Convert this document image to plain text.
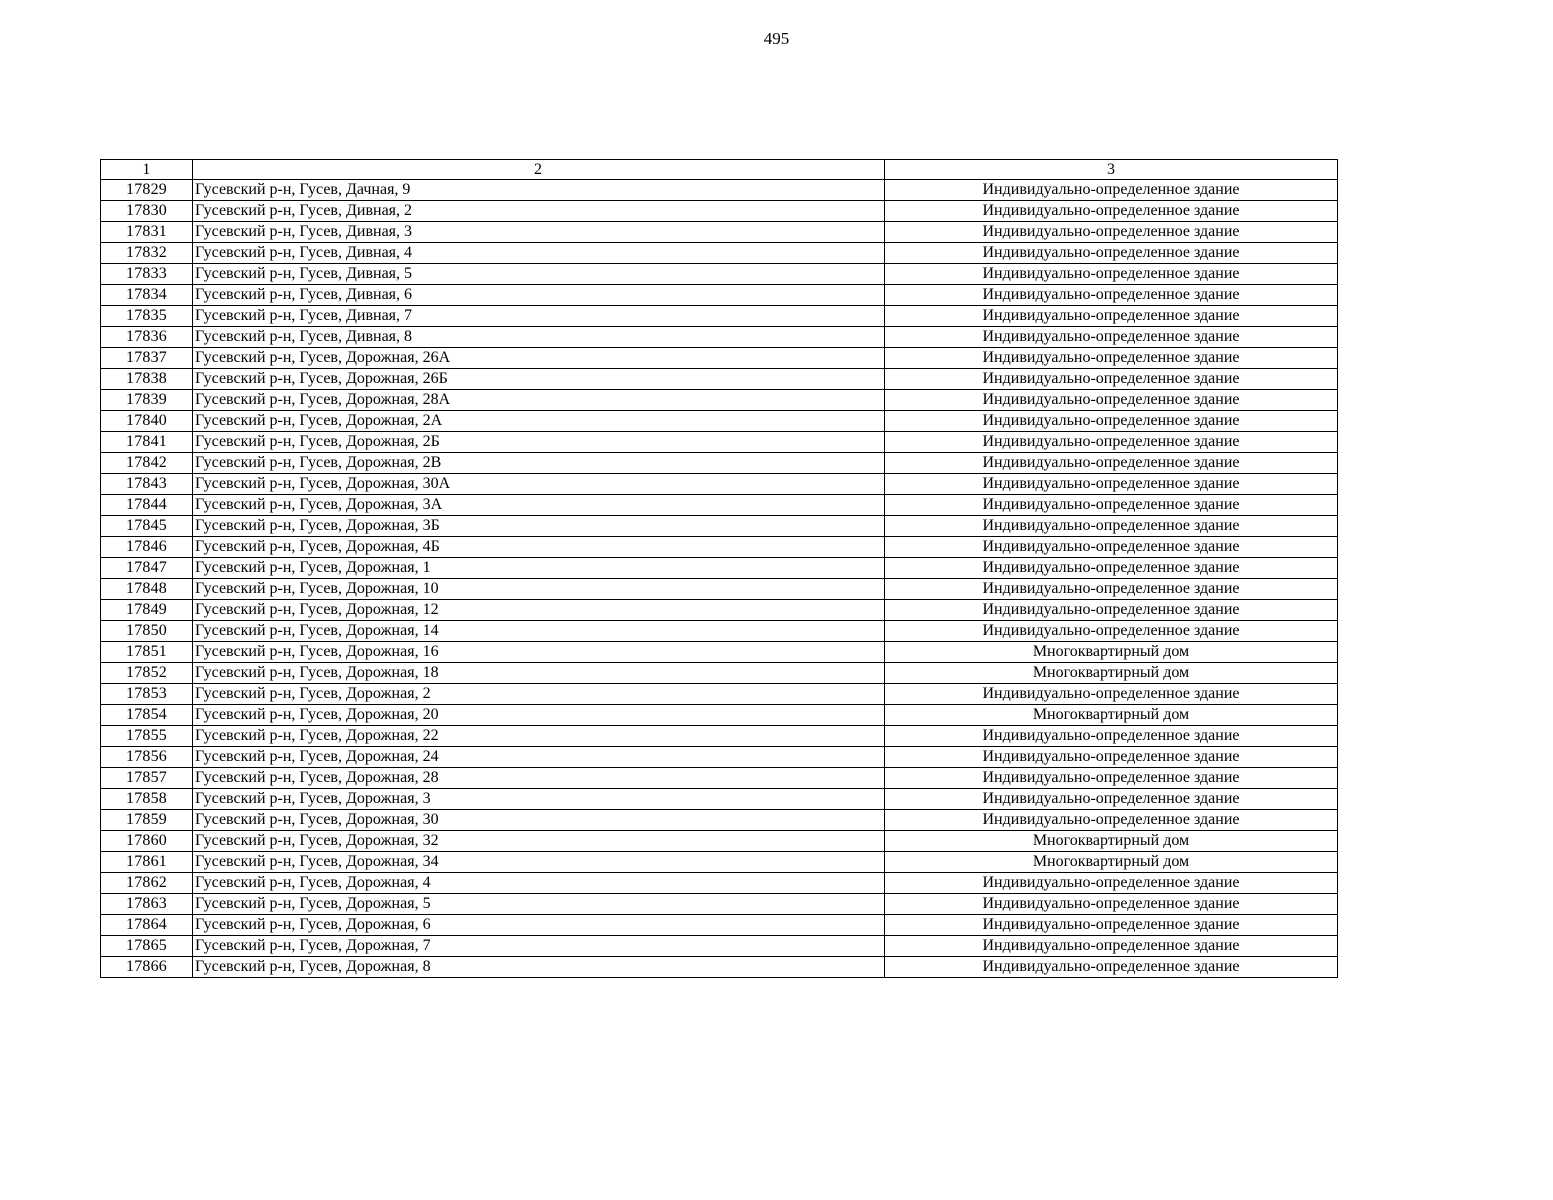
495
1	2	3
17829	Гусевский р-н, Гусев, Дачная, 9	Индивидуально-определенное здание
17830	Гусевский р-н, Гусев, Дивная, 2	Индивидуально-определенное здание
17831	Гусевский р-н, Гусев, Дивная, 3	Индивидуально-определенное здание
17832	Гусевский р-н, Гусев, Дивная, 4	Индивидуально-определенное здание
17833	Гусевский р-н, Гусев, Дивная, 5	Индивидуально-определенное здание
17834	Гусевский р-н, Гусев, Дивная, 6	Индивидуально-определенное здание
17835	Гусевский р-н, Гусев, Дивная, 7	Индивидуально-определенное здание
17836	Гусевский р-н, Гусев, Дивная, 8	Индивидуально-определенное здание
17837	Гусевский р-н, Гусев, Дорожная, 26А	Индивидуально-определенное здание
17838	Гусевский р-н, Гусев, Дорожная, 26Б	Индивидуально-определенное здание
17839	Гусевский р-н, Гусев, Дорожная, 28А	Индивидуально-определенное здание
17840	Гусевский р-н, Гусев, Дорожная, 2А	Индивидуально-определенное здание
17841	Гусевский р-н, Гусев, Дорожная, 2Б	Индивидуально-определенное здание
17842	Гусевский р-н, Гусев, Дорожная, 2В	Индивидуально-определенное здание
17843	Гусевский р-н, Гусев, Дорожная, 30А	Индивидуально-определенное здание
17844	Гусевский р-н, Гусев, Дорожная, 3А	Индивидуально-определенное здание
17845	Гусевский р-н, Гусев, Дорожная, 3Б	Индивидуально-определенное здание
17846	Гусевский р-н, Гусев, Дорожная, 4Б	Индивидуально-определенное здание
17847	Гусевский р-н, Гусев, Дорожная, 1	Индивидуально-определенное здание
17848	Гусевский р-н, Гусев, Дорожная, 10	Индивидуально-определенное здание
17849	Гусевский р-н, Гусев, Дорожная, 12	Индивидуально-определенное здание
17850	Гусевский р-н, Гусев, Дорожная, 14	Индивидуально-определенное здание
17851	Гусевский р-н, Гусев, Дорожная, 16	Многоквартирный дом
17852	Гусевский р-н, Гусев, Дорожная, 18	Многоквартирный дом
17853	Гусевский р-н, Гусев, Дорожная, 2	Индивидуально-определенное здание
17854	Гусевский р-н, Гусев, Дорожная, 20	Многоквартирный дом
17855	Гусевский р-н, Гусев, Дорожная, 22	Индивидуально-определенное здание
17856	Гусевский р-н, Гусев, Дорожная, 24	Индивидуально-определенное здание
17857	Гусевский р-н, Гусев, Дорожная, 28	Индивидуально-определенное здание
17858	Гусевский р-н, Гусев, Дорожная, 3	Индивидуально-определенное здание
17859	Гусевский р-н, Гусев, Дорожная, 30	Индивидуально-определенное здание
17860	Гусевский р-н, Гусев, Дорожная, 32	Многоквартирный дом
17861	Гусевский р-н, Гусев, Дорожная, 34	Многоквартирный дом
17862	Гусевский р-н, Гусев, Дорожная, 4	Индивидуально-определенное здание
17863	Гусевский р-н, Гусев, Дорожная, 5	Индивидуально-определенное здание
17864	Гусевский р-н, Гусев, Дорожная, 6	Индивидуально-определенное здание
17865	Гусевский р-н, Гусев, Дорожная, 7	Индивидуально-определенное здание
17866	Гусевский р-н, Гусев, Дорожная, 8	Индивидуально-определенное здание
